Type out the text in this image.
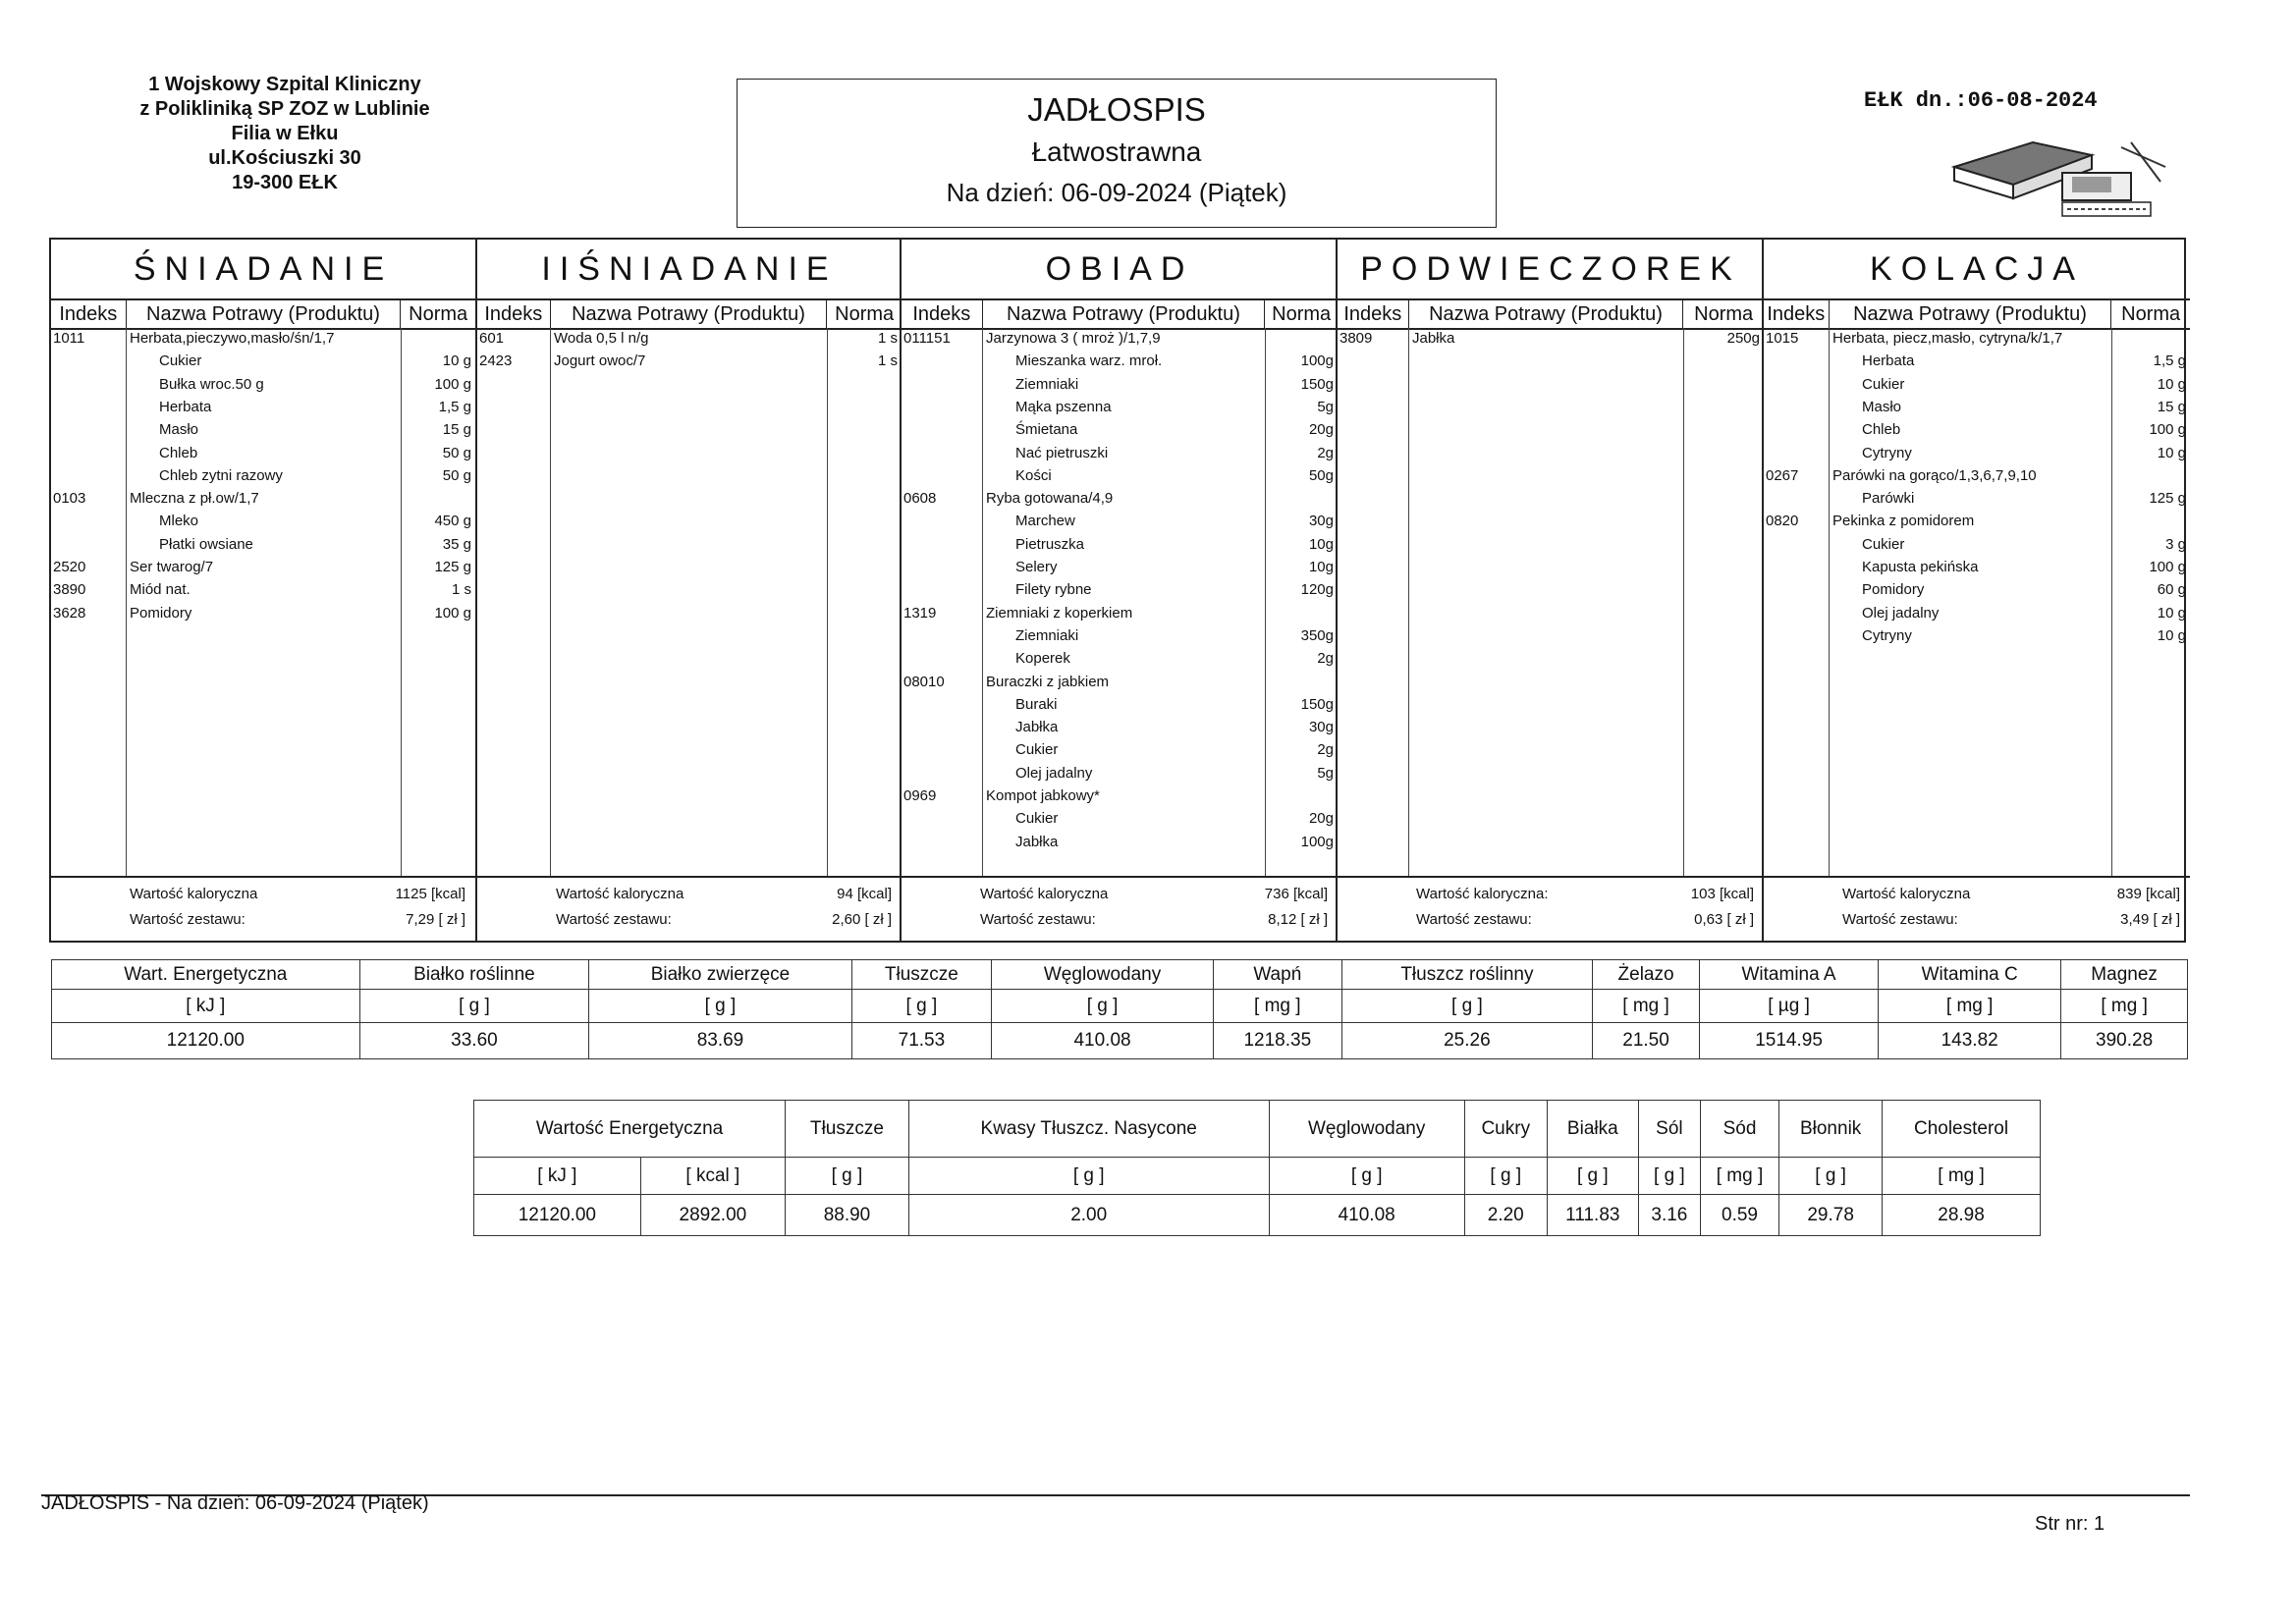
1 Wojskowy Szpital Kliniczny
z Polikliniką SP ZOZ w Lublinie
Filia w Ełku
ul.Kościuszki 30
19-300 EŁK
JADŁOSPIS
Łatwostrawna
Na dzień: 06-09-2024 (Piątek)
EŁK dn.:06-08-2024
ŚNIADANIE
Indeks	Nazwa Potrawy (Produktu)	Norma
1011	Herbata,pieczywo,masło/śn/1,7
Cukier	10 g
Bułka wroc.50 g	100 g
Herbata	1,5 g
Masło	15 g
Chleb	50 g
Chleb zytni razowy	50 g
0103	Mleczna z pł.ow/1,7
Mleko	450 g
Płatki owsiane	35 g
2520	Ser twarog/7	125 g
3890	Miód nat.	1 s
3628	Pomidory	100 g
Wartość kaloryczna	1125 [kcal]
Wartość zestawu:	7,29 [ zł ]
IIŚNIADANIE
Indeks	Nazwa Potrawy (Produktu)	Norma
601	Woda 0,5 l n/g	1 s
2423	Jogurt owoc/7	1 s
Wartość kaloryczna	94 [kcal]
Wartość zestawu:	2,60 [ zł ]
OBIAD
Indeks	Nazwa Potrawy (Produktu)	Norma
011151 Jarzynowa 3 ( mroż )/1,7,9
Mieszanka warz. mroł.	100g
Ziemniaki	150g
Mąka pszenna	5g
Śmietana	20g
Nać pietruszki	2g
Kości	50g
0608	Ryba gotowana/4,9
Marchew	30g
Pietruszka	10g
Selery	10g
Filety rybne	120g
1319	Ziemniaki z koperkiem
Ziemniaki	350g
Koperek	2g
08010	Buraczki z jabkiem
Buraki	150g
Jabłka	30g
Cukier	2g
Olej jadalny	5g
0969	Kompot jabkowy*
Cukier	20g
Jabłka	100g
Wartość kaloryczna	736 [kcal]
Wartość zestawu:	8,12 [ zł ]
PODWIECZOREK
Indeks	Nazwa Potrawy (Produktu)	Norma
3809	Jabłka	250g
Wartość kaloryczna:	103 [kcal]
Wartość zestawu:	0,63 [ zł ]
KOLACJA
Indeks	Nazwa Potrawy (Produktu)	Norma
1015 Herbata, piecz,masło, cytryna/k/1,7
Herbata	1,5 g
Cukier	10 g
Masło	15 g
Chleb	100 g
Cytryny	10 g
0267 Parówki na gorąco/1,3,6,7,9,10
Parówki	125 g
0820 Pekinka z pomidorem
Cukier	3 g
Kapusta pekińska	100 g
Pomidory	60 g
Olej jadalny	10 g
Cytryny	10 g
Wartość kaloryczna	839 [kcal]
Wartość zestawu:	3,49 [ zł ]
Wart. Energetyczna	Białko roślinne	Białko zwierzęce	Tłuszcze	Węglowodany	Wapń	Tłuszcz roślinny	Żelazo	Witamina A	Witamina C	Magnez
[ kJ ]	[ g ]	[ g ]	[ g ]	[ g ]	[ mg ]	[ g ]	[ mg ]	[ µg ]	[ mg ]	[ mg ]
12120.00	33.60	83.69	71.53	410.08	1218.35	25.26	21.50	1514.95	143.82	390.28
Wartość Energetyczna		Tłuszcze	Kwasy Tłuszcz. Nasycone	Węglowodany	Cukry	Białka	Sól	Sód	Błonnik	Cholesterol
[ kJ ]	[ kcal ]	[ g ]	[ g ]	[ g ]	[ g ]	[ g ]	[ g ]	[ mg ]	[ g ]	[ mg ]
12120.00	2892.00	88.90	2.00	410.08	2.20	111.83	3.16	0.59	29.78	28.98
JADŁOSPIS - Na dzień: 06-09-2024 (Piątek)
Str nr: 1
